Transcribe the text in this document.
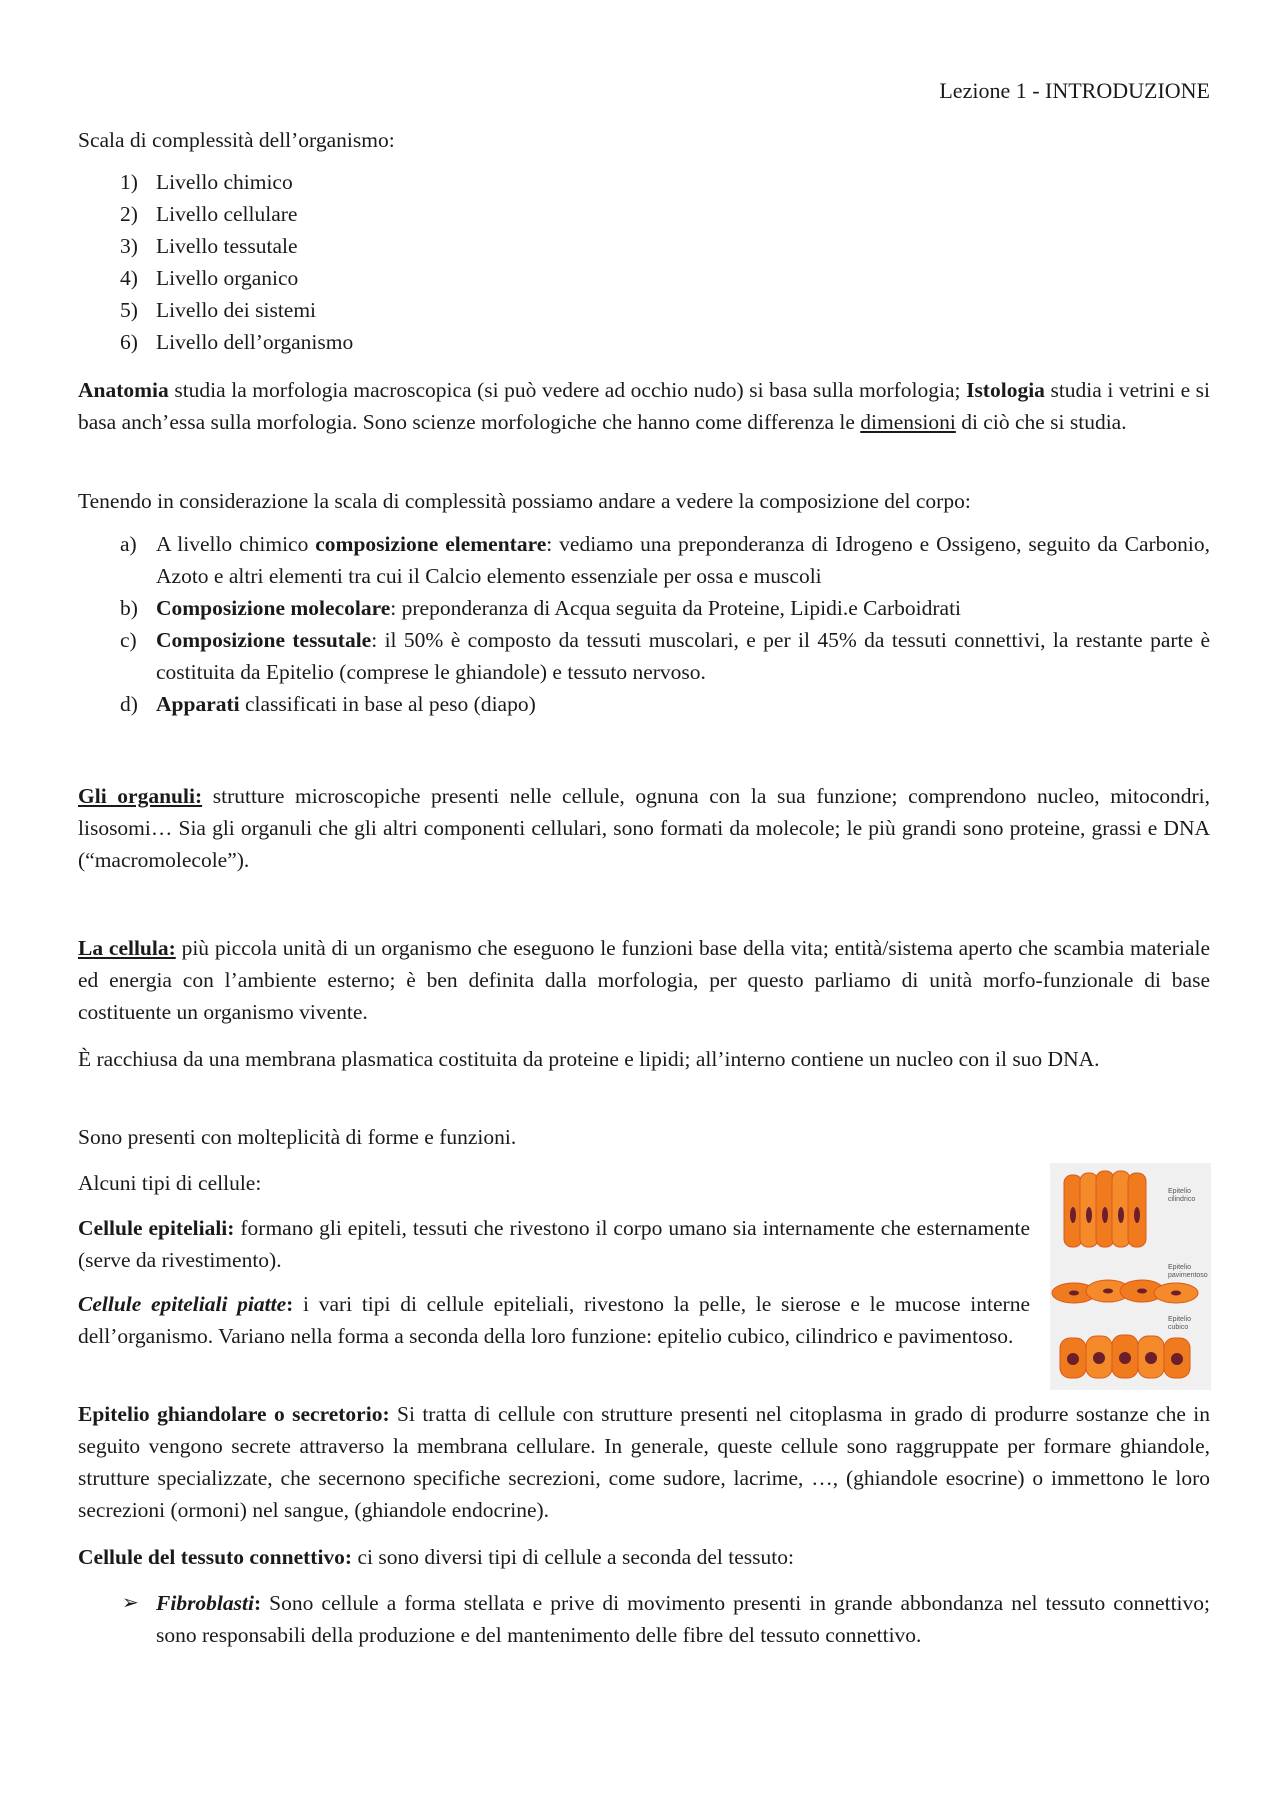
Lezione 1 - INTRODUZIONE

Scala di complessità dell’organismo:

1) Livello chimico
2) Livello cellulare
3) Livello tessutale
4) Livello organico
5) Livello dei sistemi
6) Livello dell’organismo

Anatomia studia la morfologia macroscopica (si può vedere ad occhio nudo) si basa sulla morfologia; Istologia studia i vetrini e si basa anch’essa sulla morfologia. Sono scienze morfologiche che hanno come differenza le dimensioni di ciò che si studia.

Tenendo in considerazione la scala di complessità possiamo andare a vedere la composizione del corpo:

a) A livello chimico composizione elementare: vediamo una preponderanza di Idrogeno e Ossigeno, seguito da Carbonio, Azoto e altri elementi tra cui il Calcio elemento essenziale per ossa e muscoli
b) Composizione molecolare: preponderanza di Acqua seguita da Proteine, Lipidi.e Carboidrati
c) Composizione tessutale: il 50% è composto da tessuti muscolari, e per il 45% da tessuti connettivi, la restante parte è costituita da Epitelio (comprese le ghiandole) e tessuto nervoso.
d) Apparati classificati in base al peso (diapo)

Gli organuli: strutture microscopiche presenti nelle cellule, ognuna con la sua funzione; comprendono nucleo, mitocondri, lisosomi… Sia gli organuli che gli altri componenti cellulari, sono formati da molecole; le più grandi sono proteine, grassi e DNA (“macromolecole”).

La cellula: più piccola unità di un organismo che eseguono le funzioni base della vita; entità/sistema aperto che scambia materiale ed energia con l’ambiente esterno; è ben definita dalla morfologia, per questo parliamo di unità morfo-funzionale di base costituente un organismo vivente.

È racchiusa da una membrana plasmatica costituita da proteine e lipidi; all’interno contiene un nucleo con il suo DNA.

Sono presenti con molteplicità di forme e funzioni.

Alcuni tipi di cellule:

Cellule epiteliali: formano gli epiteli, tessuti che rivestono il corpo umano sia internamente che esternamente (serve da rivestimento).

Cellule epiteliali piatte: i vari tipi di cellule epiteliali, rivestono la pelle, le sierose e le mucose interne dell’organismo. Variano nella forma a seconda della loro funzione: epitelio cubico, cilindrico e pavimentoso.

Epitelio ghiandolare o secretorio: Si tratta di cellule con strutture presenti nel citoplasma in grado di produrre sostanze che in seguito vengono secrete attraverso la membrana cellulare. In generale, queste cellule sono raggruppate per formare ghiandole, strutture specializzate, che secernono specifiche secrezioni, come sudore, lacrime, …, (ghiandole esocrine) o immettono le loro secrezioni (ormoni) nel sangue, (ghiandole endocrine).

Cellule del tessuto connettivo: ci sono diversi tipi di cellule a seconda del tessuto:

➢ Fibroblasti: Sono cellule a forma stellata e prive di movimento presenti in grande abbondanza nel tessuto connettivo; sono responsabili della produzione e del mantenimento delle fibre del tessuto connettivo.
Epitelio
cilindrico
Epitelio
pavimentoso
Epitelio
cubico
